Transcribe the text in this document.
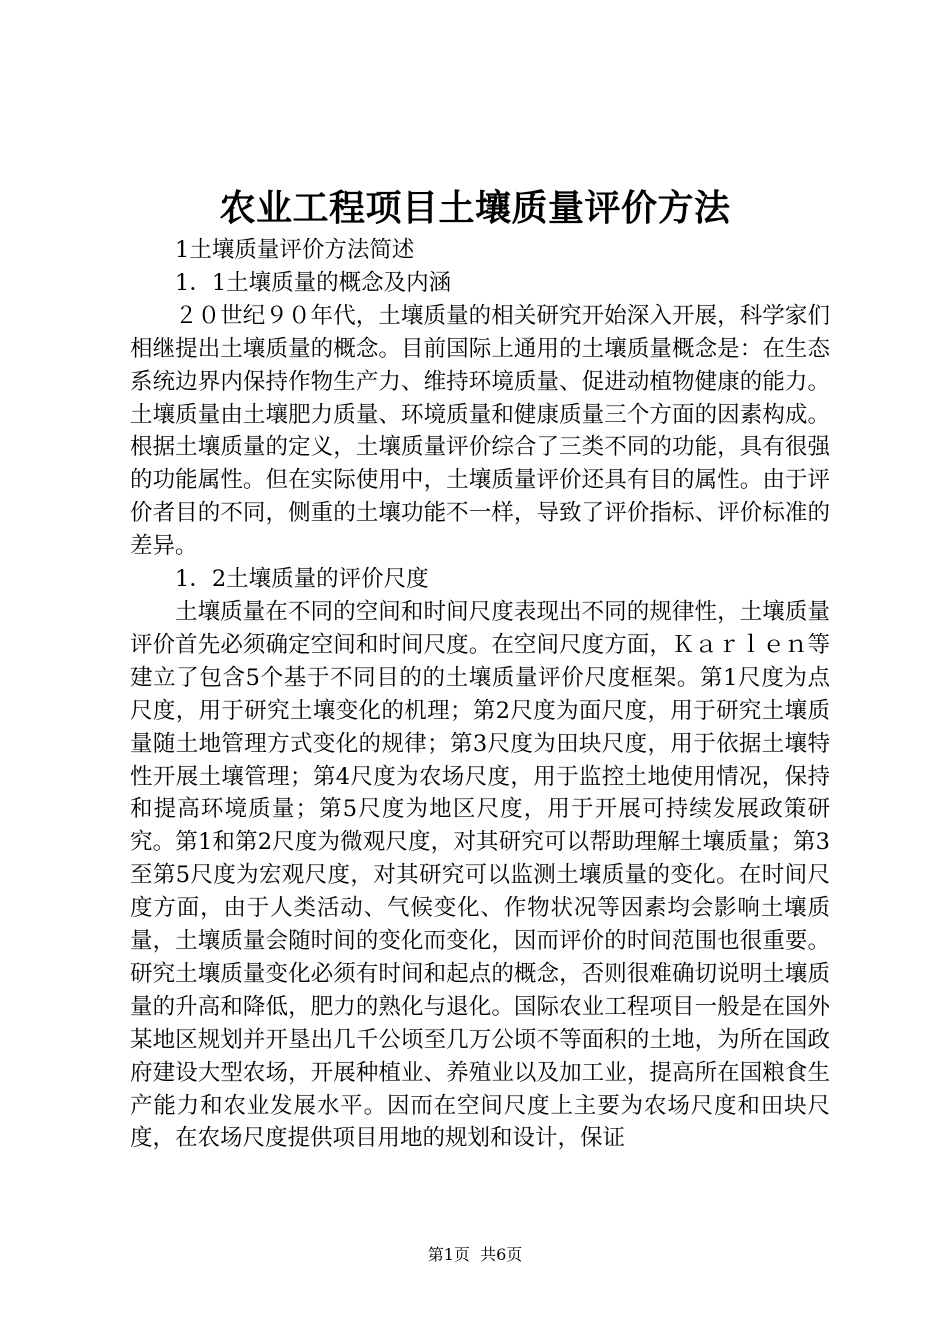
农业工程项目土壤质量评价方法

1土壤质量评价方法简述

1．1土壤质量的概念及内涵

２０世纪９０年代，土壤质量的相关研究开始深入开展，科学家们相继提出土壤质量的概念。目前国际上通用的土壤质量概念是：在生态系统边界内保持作物生产力、维持环境质量、促进动植物健康的能力。土壤质量由土壤肥力质量、环境质量和健康质量三个方面的因素构成。根据土壤质量的定义，土壤质量评价综合了三类不同的功能，具有很强的功能属性。但在实际使用中，土壤质量评价还具有目的属性。由于评价者目的不同，侧重的土壤功能不一样，导致了评价指标、评价标准的差异。

1．2土壤质量的评价尺度

土壤质量在不同的空间和时间尺度表现出不同的规律性，土壤质量评价首先必须确定空间和时间尺度。在空间尺度方面，Ｋａｒｌｅｎ等建立了包含5个基于不同目的的土壤质量评价尺度框架。第1尺度为点尺度，用于研究土壤变化的机理；第2尺度为面尺度，用于研究土壤质量随土地管理方式变化的规律；第3尺度为田块尺度，用于依据土壤特性开展土壤管理；第4尺度为农场尺度，用于监控土地使用情况，保持和提高环境质量；第5尺度为地区尺度，用于开展可持续发展政策研究。第1和第2尺度为微观尺度，对其研究可以帮助理解土壤质量；第3至第5尺度为宏观尺度，对其研究可以监测土壤质量的变化。在时间尺度方面，由于人类活动、气候变化、作物状况等因素均会影响土壤质量，土壤质量会随时间的变化而变化，因而评价的时间范围也很重要。研究土壤质量变化必须有时间和起点的概念，否则很难确切说明土壤质量的升高和降低，肥力的熟化与退化。国际农业工程项目一般是在国外某地区规划并开垦出几千公顷至几万公顷不等面积的土地，为所在国政府建设大型农场，开展种植业、养殖业以及加工业，提高所在国粮食生产能力和农业发展水平。因而在空间尺度上主要为农场尺度和田块尺度，在农场尺度提供项目用地的规划和设计，保证

第1页  共6页
